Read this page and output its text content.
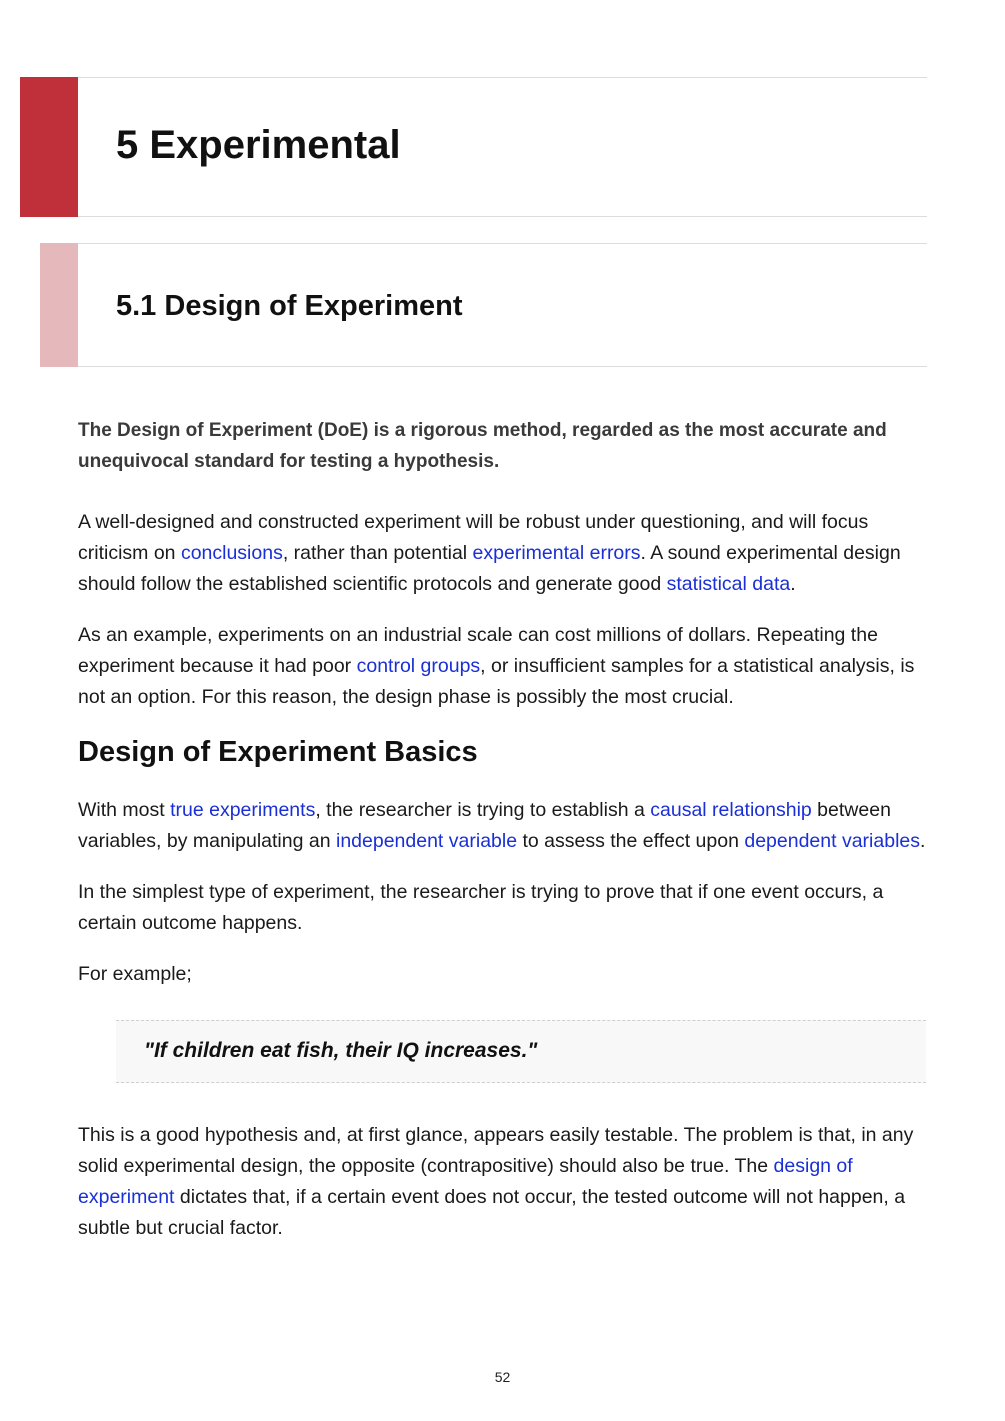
5 Experimental
5.1 Design of Experiment

The Design of Experiment (DoE) is a rigorous method, regarded as the most accurate and unequivocal standard for testing a hypothesis.

A well-designed and constructed experiment will be robust under questioning, and will focus criticism on conclusions, rather than potential experimental errors. A sound experimental design should follow the established scientific protocols and generate good statistical data.

As an example, experiments on an industrial scale can cost millions of dollars. Repeating the experiment because it had poor control groups, or insufficient samples for a statistical analysis, is not an option. For this reason, the design phase is possibly the most crucial.

Design of Experiment Basics

With most true experiments, the researcher is trying to establish a causal relationship between variables, by manipulating an independent variable to assess the effect upon dependent variables.

In the simplest type of experiment, the researcher is trying to prove that if one event occurs, a certain outcome happens.

For example;

"If children eat fish, their IQ increases."

This is a good hypothesis and, at first glance, appears easily testable. The problem is that, in any solid experimental design, the opposite (contrapositive) should also be true. The design of experiment dictates that, if a certain event does not occur, the tested outcome will not happen, a subtle but crucial factor.

52
